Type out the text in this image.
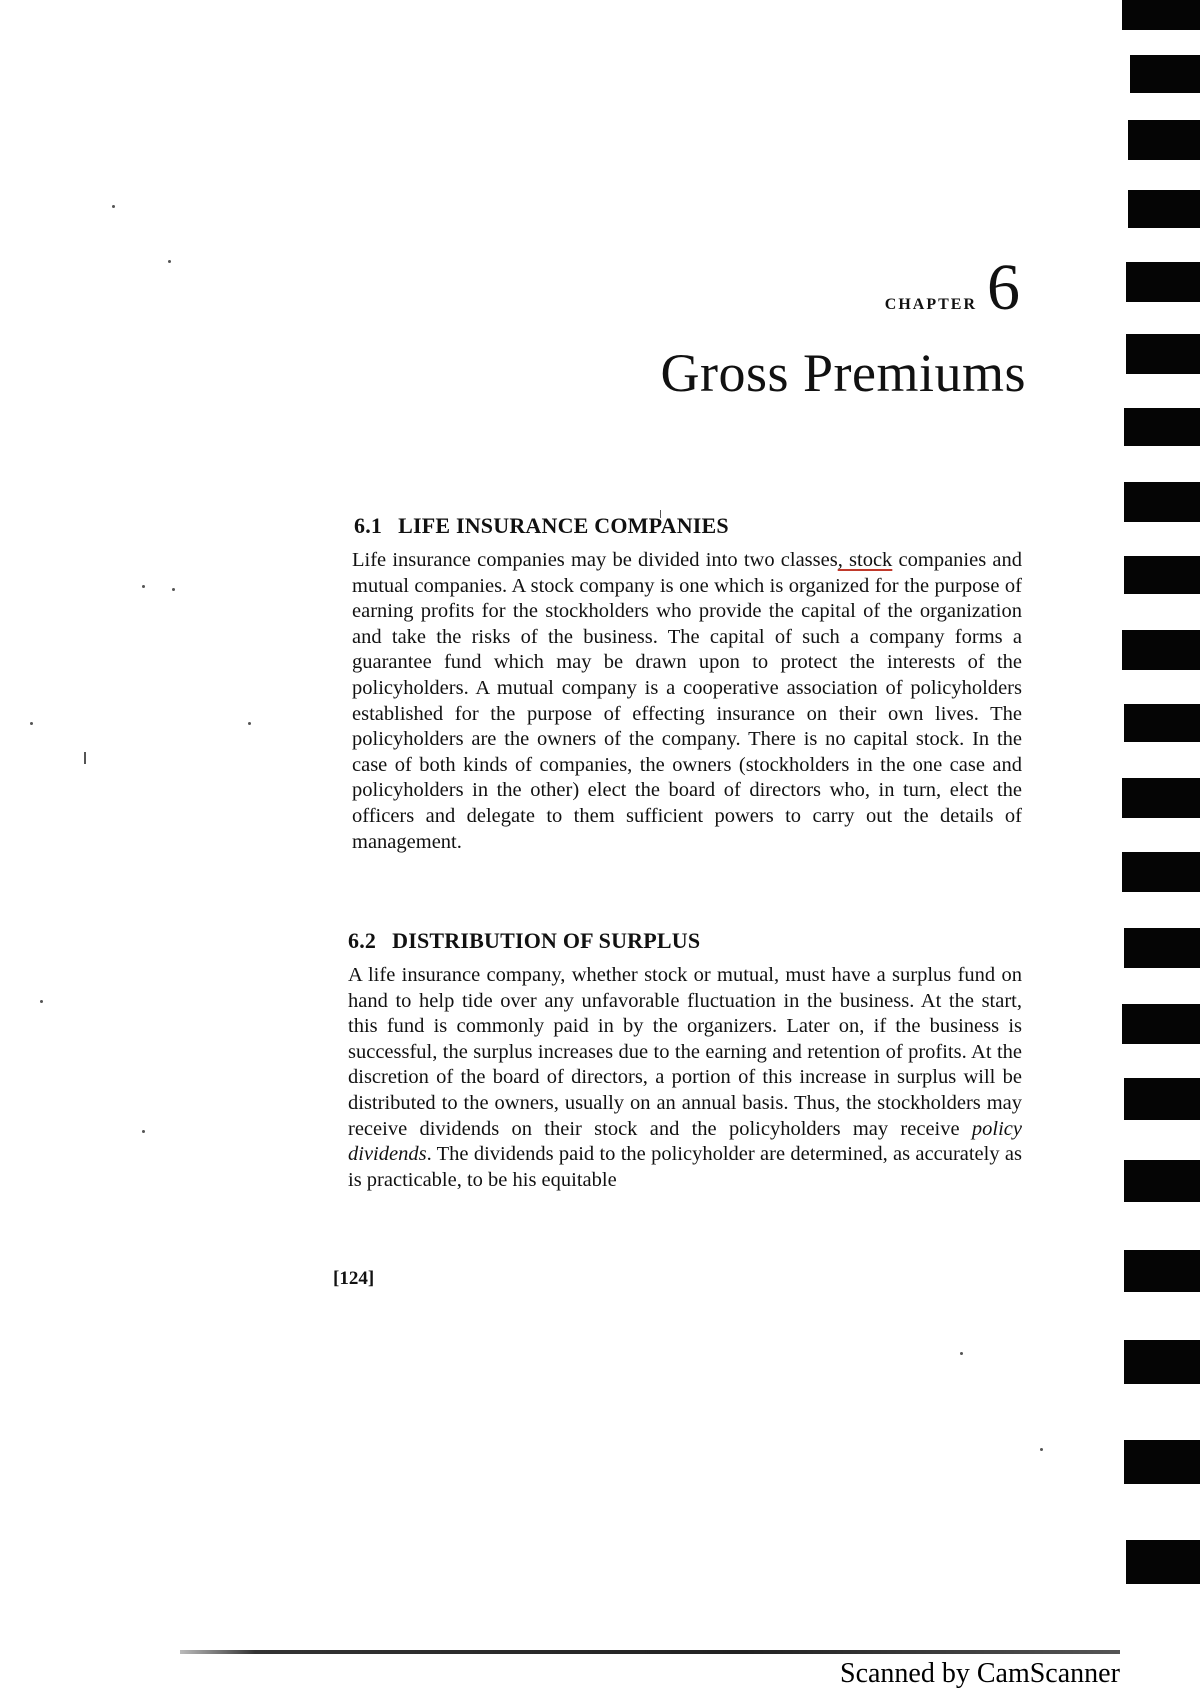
CHAPTER 6
Gross Premiums
6.1 LIFE INSURANCE COMPANIES

Life insurance companies may be divided into two classes, stock companies and mutual companies. A stock company is one which is organized for the purpose of earning profits for the stockholders who provide the capital of the organization and take the risks of the business. The capital of such a company forms a guarantee fund which may be drawn upon to protect the interests of the policyholders. A mutual company is a cooperative association of policyholders established for the purpose of effecting insurance on their own lives. The policyholders are the owners of the company. There is no capital stock. In the case of both kinds of companies, the owners (stockholders in the one case and policyholders in the other) elect the board of directors who, in turn, elect the officers and delegate to them sufficient powers to carry out the details of management.

6.2 DISTRIBUTION OF SURPLUS

A life insurance company, whether stock or mutual, must have a surplus fund on hand to help tide over any unfavorable fluctuation in the business. At the start, this fund is commonly paid in by the organizers. Later on, if the business is successful, the surplus increases due to the earning and retention of profits. At the discretion of the board of directors, a portion of this increase in surplus will be distributed to the owners, usually on an annual basis. Thus, the stockholders may receive dividends on their stock and the policyholders may receive policy dividends. The dividends paid to the policyholder are determined, as accurately as is practicable, to be his equitable

[124]
Scanned by CamScanner
